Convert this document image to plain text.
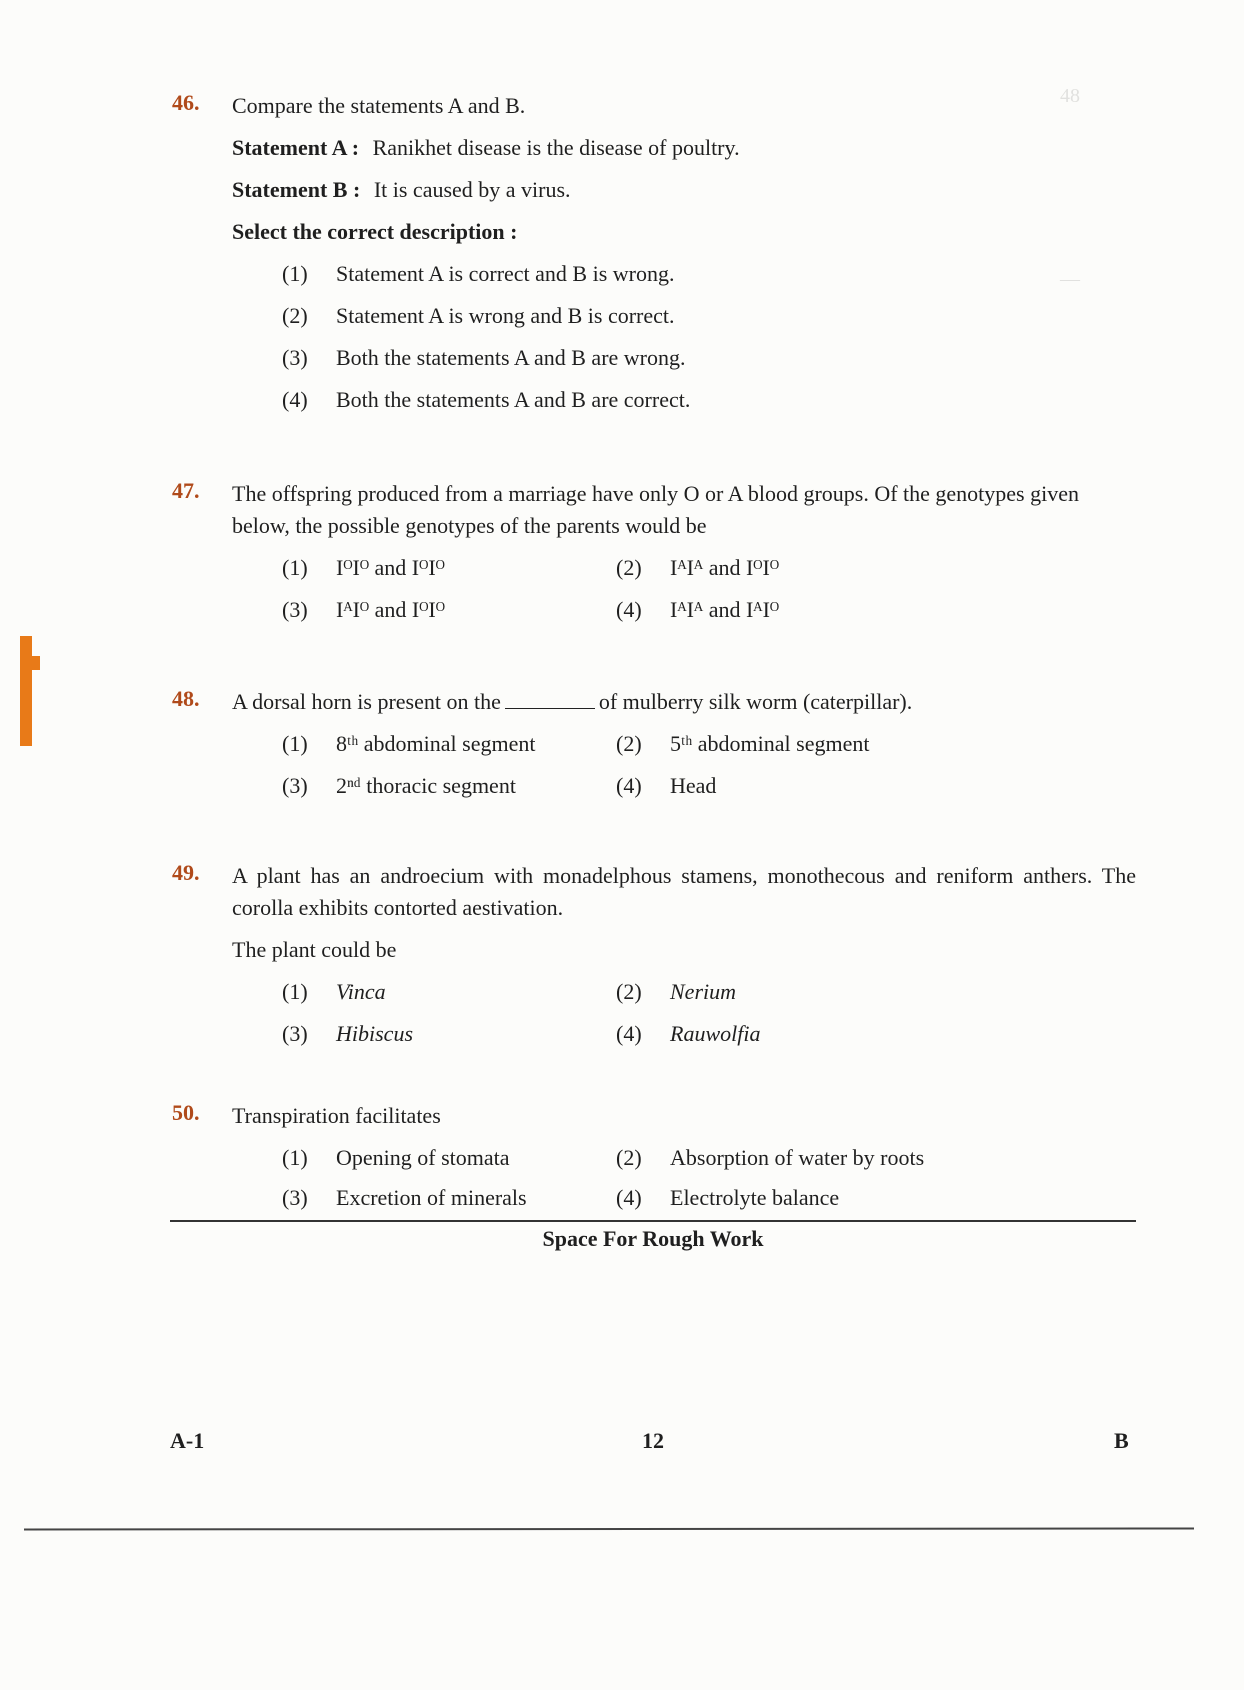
48
—
46. Compare the statements A and B.
Statement A : Ranikhet disease is the disease of poultry.
Statement B : It is caused by a virus.
Select the correct description :
(1) Statement A is correct and B is wrong.
(2) Statement A is wrong and B is correct.
(3) Both the statements A and B are wrong.
(4) Both the statements A and B are correct.
47. The offspring produced from a marriage have only O or A blood groups. Of the genotypes given below, the possible genotypes of the parents would be
(1) IᴼIᴼ and IᴼIᴼ	(2) IᴬIᴬ and IᴼIᴼ
(3) IᴬIᴼ and IᴼIᴼ	(4) IᴬIᴬ and IᴬIᴼ
48. A dorsal horn is present on the	of mulberry silk worm (caterpillar).
(1) 8ᵗʰ abdominal segment	(2) 5ᵗʰ abdominal segment
(3) 2ⁿᵈ thoracic segment	(4) Head
49. A plant has an androecium with monadelphous stamens, monothecous and reniform anthers. The corolla exhibits contorted aestivation.
The plant could be
(1) Vinca	(2) Nerium
(3) Hibiscus	(4) Rauwolfia
50. Transpiration facilitates
(1) Opening of stomata	(2) Absorption of water by roots
(3) Excretion of minerals	(4) Electrolyte balance
Space For Rough Work
A-1	12	B
